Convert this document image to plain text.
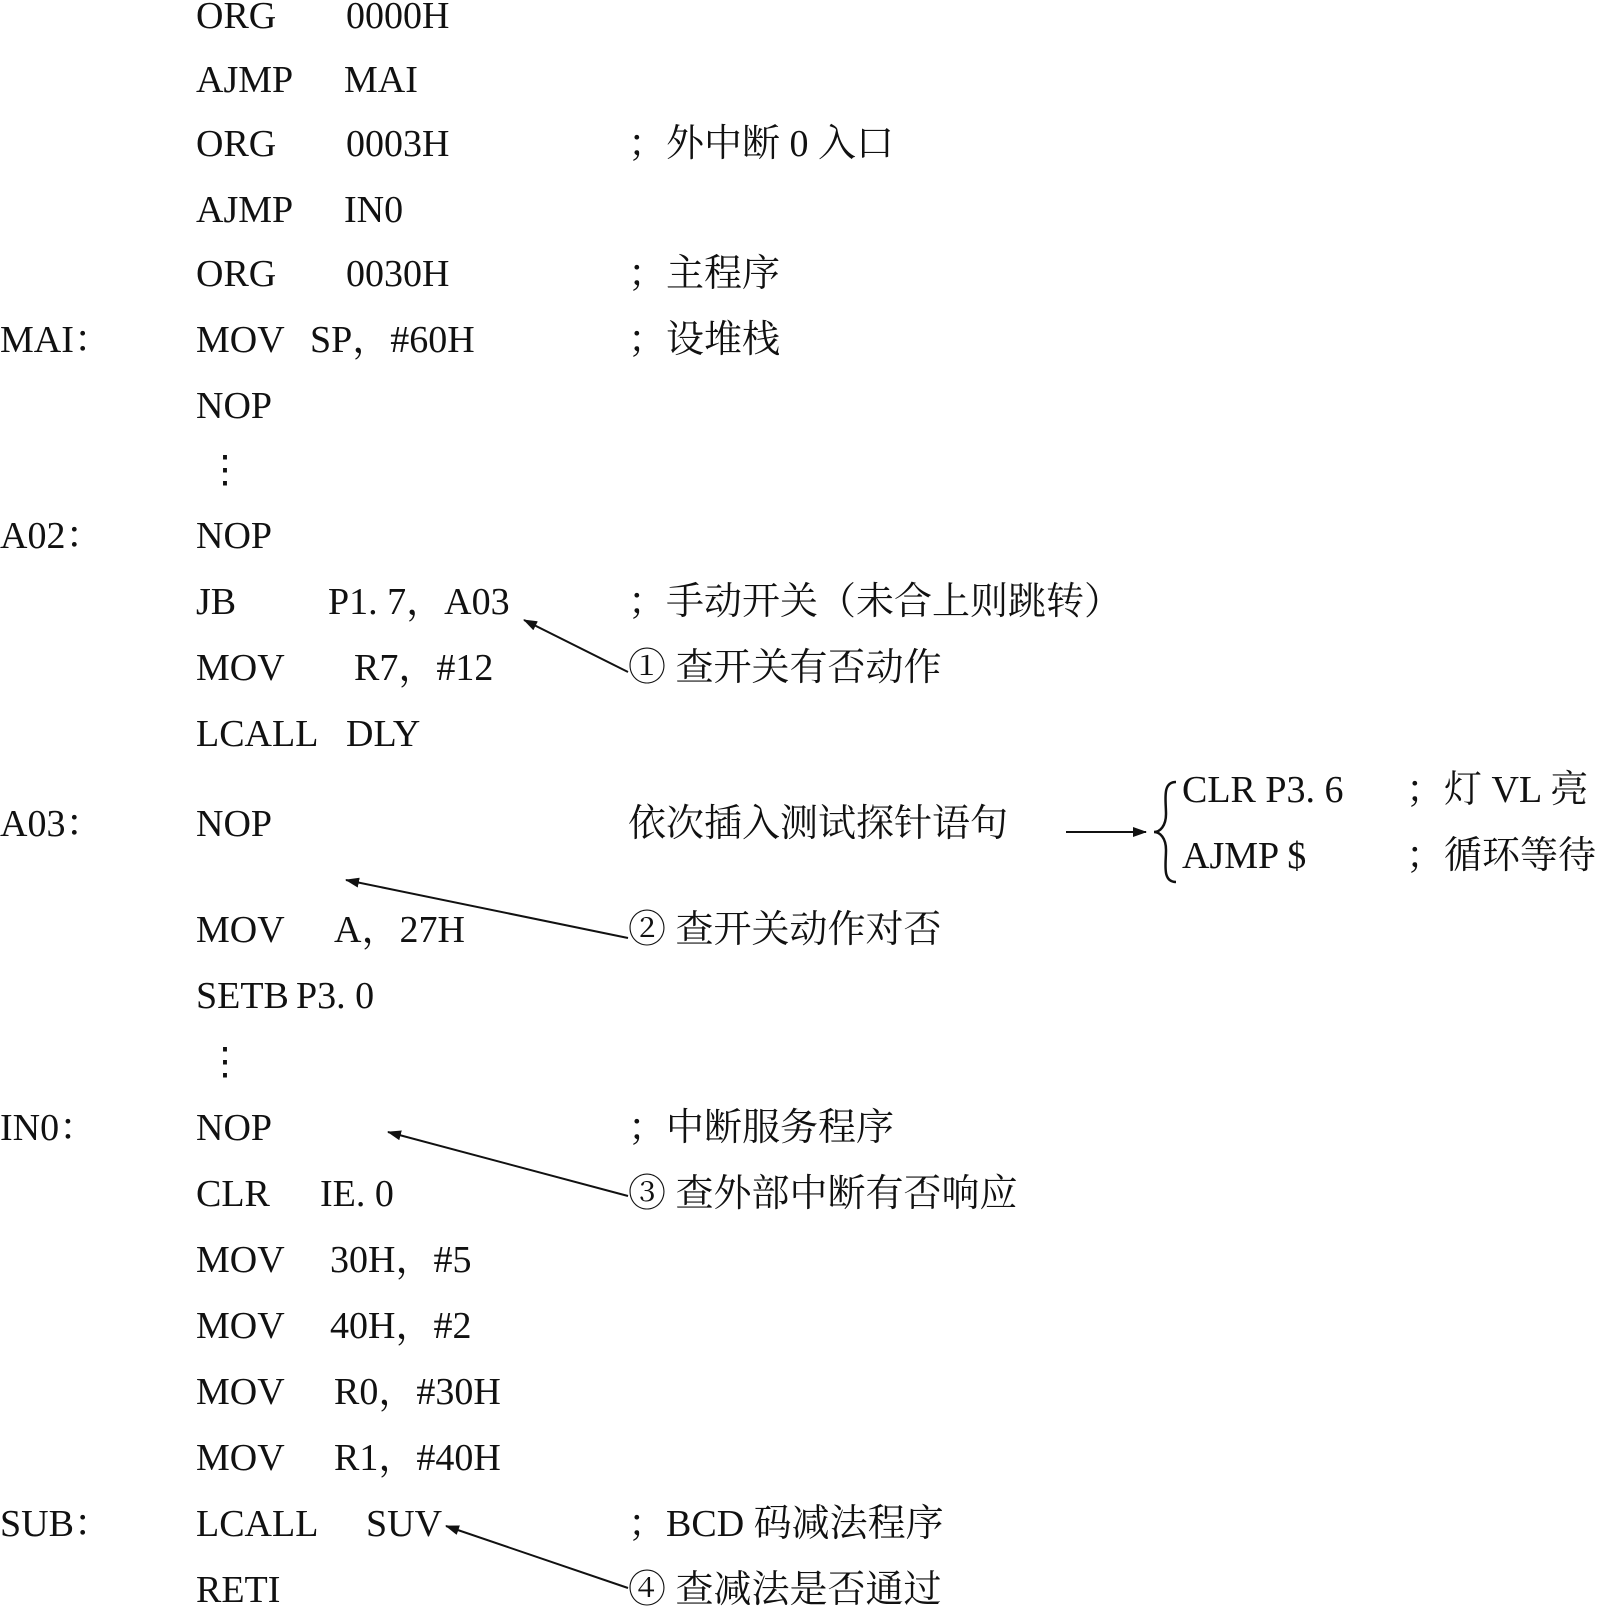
ORG 0000H
AJMP MAI
ORG 0003H	；外中断 0 入口
AJMP IN0
ORG 0030H	；主程序
MAI： MOV SP，#60H	；设堆栈
NOP
⋮
A02： NOP
JB P1. 7，A03	；手动开关（未合上则跳转）
MOV R7，#12	① 查开关有否动作
LCALL DLY
A03： NOP	依次插入测试探针语句
MOV A，27H	② 查开关动作对否
SETB P3. 0
⋮
IN0：	NOP	；中断服务程序
CLR IE. 0	③ 查外部中断有否响应
MOV 30H，#5
MOV 40H，#2
MOV R0，#30H
MOV R1，#40H
SUB： LCALL SUV	；BCD 码减法程序
RETI	④ 查减法是否通过
CLR P3. 6 ；灯 VL 亮
AJMP $	；循环等待
